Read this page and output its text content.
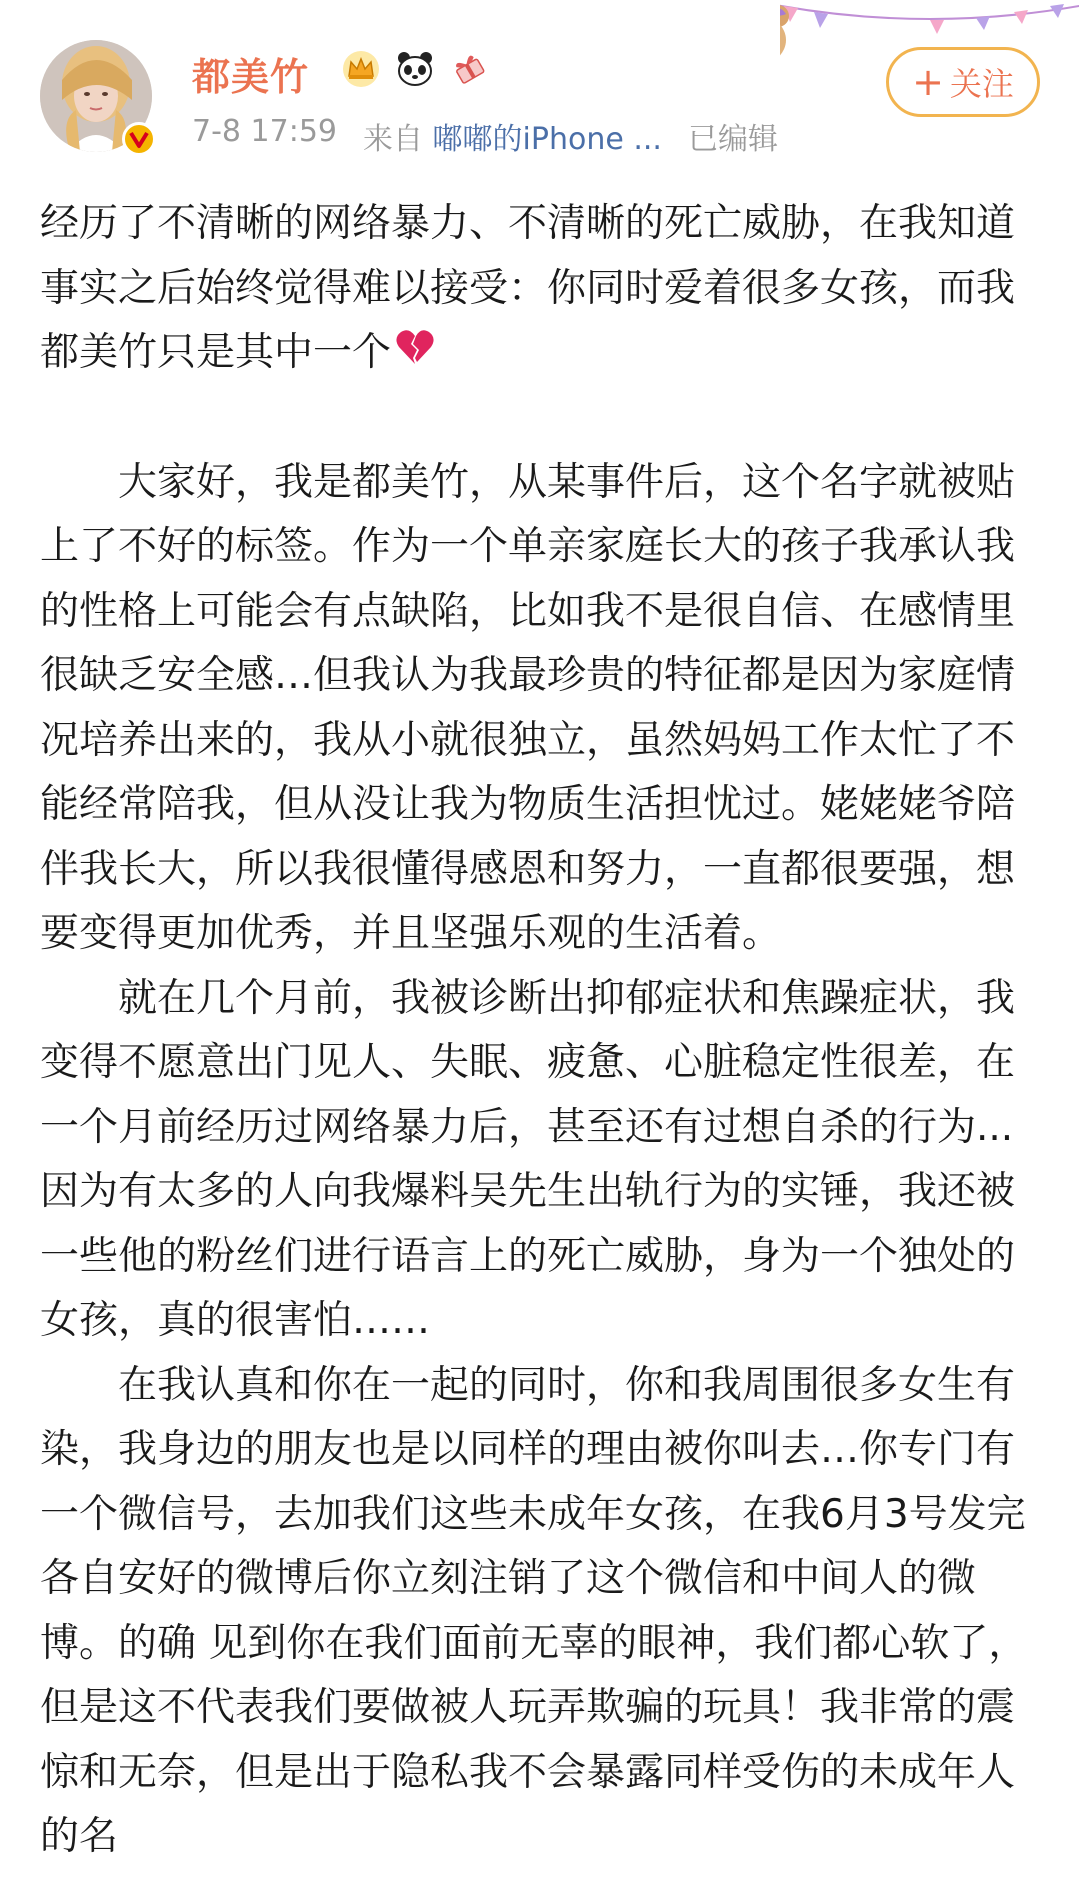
都美竹
7-8 17:59 来自 嘟嘟的iPhone ... 已编辑
+ 关注

经历了不清晰的网络暴力、不清晰的死亡威胁，在我知道事实之后始终觉得难以接受：你同时爱着很多女孩，而我都美竹只是其中一个

大家好，我是都美竹，从某事件后，这个名字就被贴上了不好的标签。作为一个单亲家庭长大的孩子我承认我的性格上可能会有点缺陷，比如我不是很自信、在感情里很缺乏安全感…但我认为我最珍贵的特征都是因为家庭情况培养出来的，我从小就很独立，虽然妈妈工作太忙了不能经常陪我，但从没让我为物质生活担忧过。姥姥姥爷陪伴我长大，所以我很懂得感恩和努力，一直都很要强，想要变得更加优秀，并且坚强乐观的生活着。

就在几个月前，我被诊断出抑郁症状和焦躁症状，我变得不愿意出门见人、失眠、疲惫、心脏稳定性很差，在一个月前经历过网络暴力后，甚至还有过想自杀的行为...因为有太多的人向我爆料吴先生出轨行为的实锤，我还被一些他的粉丝们进行语言上的死亡威胁，身为一个独处的女孩，真的很害怕……

在我认真和你在一起的同时，你和我周围很多女生有染，我身边的朋友也是以同样的理由被你叫去…你专门有一个微信号，去加我们这些未成年女孩，在我6月3号发完各自安好的微博后你立刻注销了这个微信和中间人的微博。的确 见到你在我们面前无辜的眼神，我们都心软了，但是这不代表我们要做被人玩弄欺骗的玩具！我非常的震惊和无奈，但是出于隐私我不会暴露同样受伤的未成年人的名
